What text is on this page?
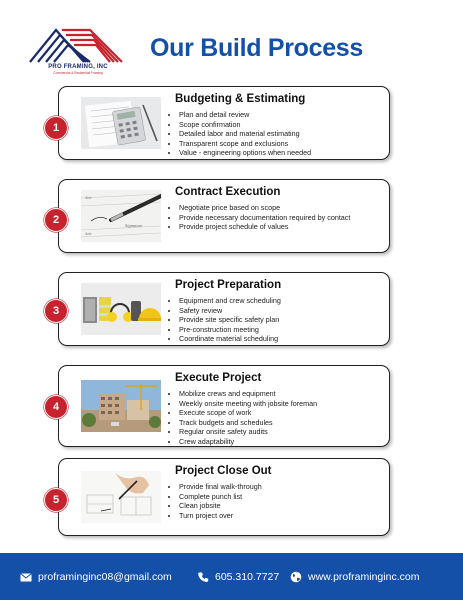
PRO FRAMING, INC
Commercial & Residential Framing
Our Build Process
Budgeting & Estimating
• Plan and detail review
• Scope confirmation
• Detailed labor and material estimating
• Transparent scope and exclusions
• Value - engineering options when needed
1
date
date
Signature
Contract Execution
• Negotiate price based on scope
• Provide necessary documentation required by contact
• Provide project schedule of values
2
Project Preparation
• Equipment and crew scheduling
• Safety review
• Provide site specific safety plan
• Pre-construction meeting
• Coordinate material scheduling
3
Execute Project
• Mobilize crews and equipment
• Weekly onsite meeting with jobsite foreman
• Execute scope of work
• Track budgets and schedules
• Regular onsite safety audits
• Crew adaptability
4
Project Close Out
• Provide final walk-through
• Complete punch list
• Clean jobsite
• Turn project over
5
proframinginc08@gmail.com	605.310.7727	www.proframinginc.com
